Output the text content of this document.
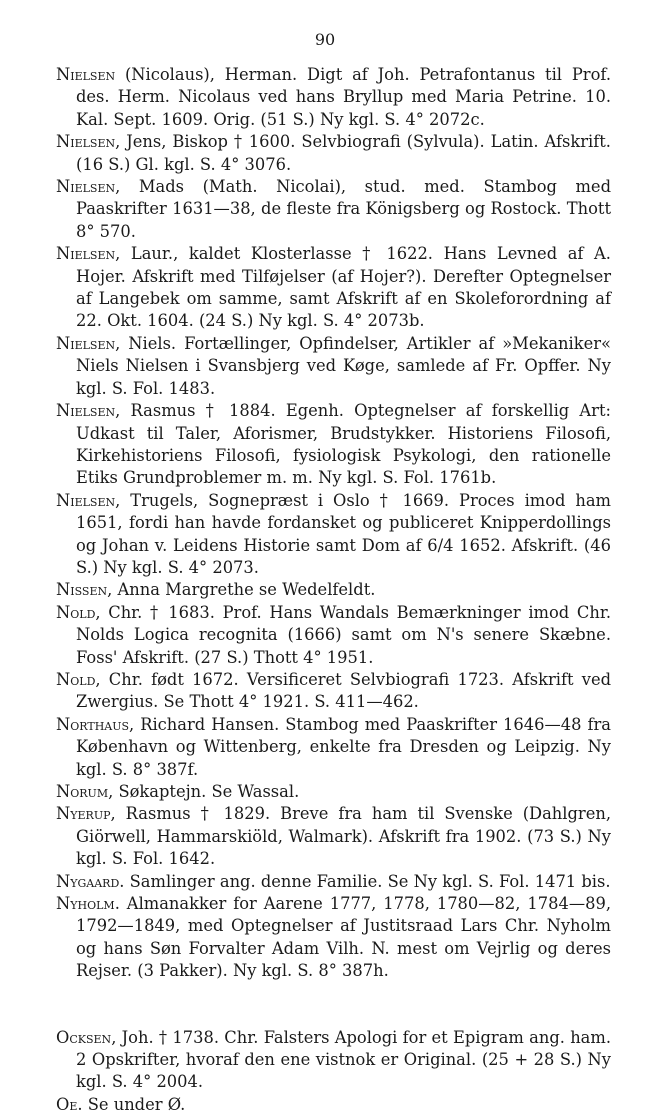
90

Nielsen (Nicolaus), Herman. Digt af Joh. Petrafontanus til Prof. des. Herm. Nicolaus ved hans Bryllup med Maria Petrine. 10. Kal. Sept. 1609. Orig. (51 S.) Ny kgl. S. 4° 2072c.

Nielsen, Jens, Biskop † 1600. Selvbiografi (Sylvula). Latin. Afskrift. (16 S.) Gl. kgl. S. 4° 3076.

Nielsen, Mads (Math. Nicolai), stud. med. Stambog med Paaskrifter 1631—38, de fleste fra Königsberg og Rostock. Thott 8° 570.

Nielsen, Laur., kaldet Klosterlasse † 1622. Hans Levned af A. Hojer. Afskrift med Tilføjelser (af Hojer?). Derefter Optegnelser af Langebek om samme, samt Afskrift af en Skoleforordning af 22. Okt. 1604. (24 S.) Ny kgl. S. 4° 2073b.

Nielsen, Niels. Fortællinger, Opfindelser, Artikler af »Mekaniker« Niels Nielsen i Svansbjerg ved Køge, samlede af Fr. Opffer. Ny kgl. S. Fol. 1483.

Nielsen, Rasmus † 1884. Egenh. Optegnelser af forskellig Art: Udkast til Taler, Aforismer, Brudstykker. Historiens Filosofi, Kirkehistoriens Filosofi, fysiologisk Psykologi, den rationelle Etiks Grundproblemer m. m. Ny kgl. S. Fol. 1761b.

Nielsen, Trugels, Sognepræst i Oslo † 1669. Proces imod ham 1651, fordi han havde fordansket og publiceret Knipperdollings og Johan v. Leidens Historie samt Dom af 6/4 1652. Afskrift. (46 S.) Ny kgl. S. 4° 2073.

Nissen, Anna Margrethe se Wedelfeldt.

Nold, Chr. † 1683. Prof. Hans Wandals Bemærkninger imod Chr. Nolds Logica recognita (1666) samt om N's senere Skæbne. Foss' Afskrift. (27 S.) Thott 4° 1951.

Nold, Chr. født 1672. Versificeret Selvbiografi 1723. Afskrift ved Zwergius. Se Thott 4° 1921. S. 411—462.

Northaus, Richard Hansen. Stambog med Paaskrifter 1646—48 fra København og Wittenberg, enkelte fra Dresden og Leipzig. Ny kgl. S. 8° 387f.

Norum, Søkaptejn. Se Wassal.

Nyerup, Rasmus † 1829. Breve fra ham til Svenske (Dahlgren, Giörwell, Hammarskiöld, Walmark). Afskrift fra 1902. (73 S.) Ny kgl. S. Fol. 1642.

Nygaard. Samlinger ang. denne Familie. Se Ny kgl. S. Fol. 1471 bis.

Nyholm. Almanakker for Aarene 1777, 1778, 1780—82, 1784—89, 1792—1849, med Optegnelser af Justitsraad Lars Chr. Nyholm og hans Søn Forvalter Adam Vilh. N. mest om Vejrlig og deres Rejser. (3 Pakker). Ny kgl. S. 8° 387h.

Ocksen, Joh. † 1738. Chr. Falsters Apologi for et Epigram ang. ham. 2 Opskrifter, hvoraf den ene vistnok er Original. (25 + 28 S.) Ny kgl. S. 4° 2004.

Oe. Se under Ø.
